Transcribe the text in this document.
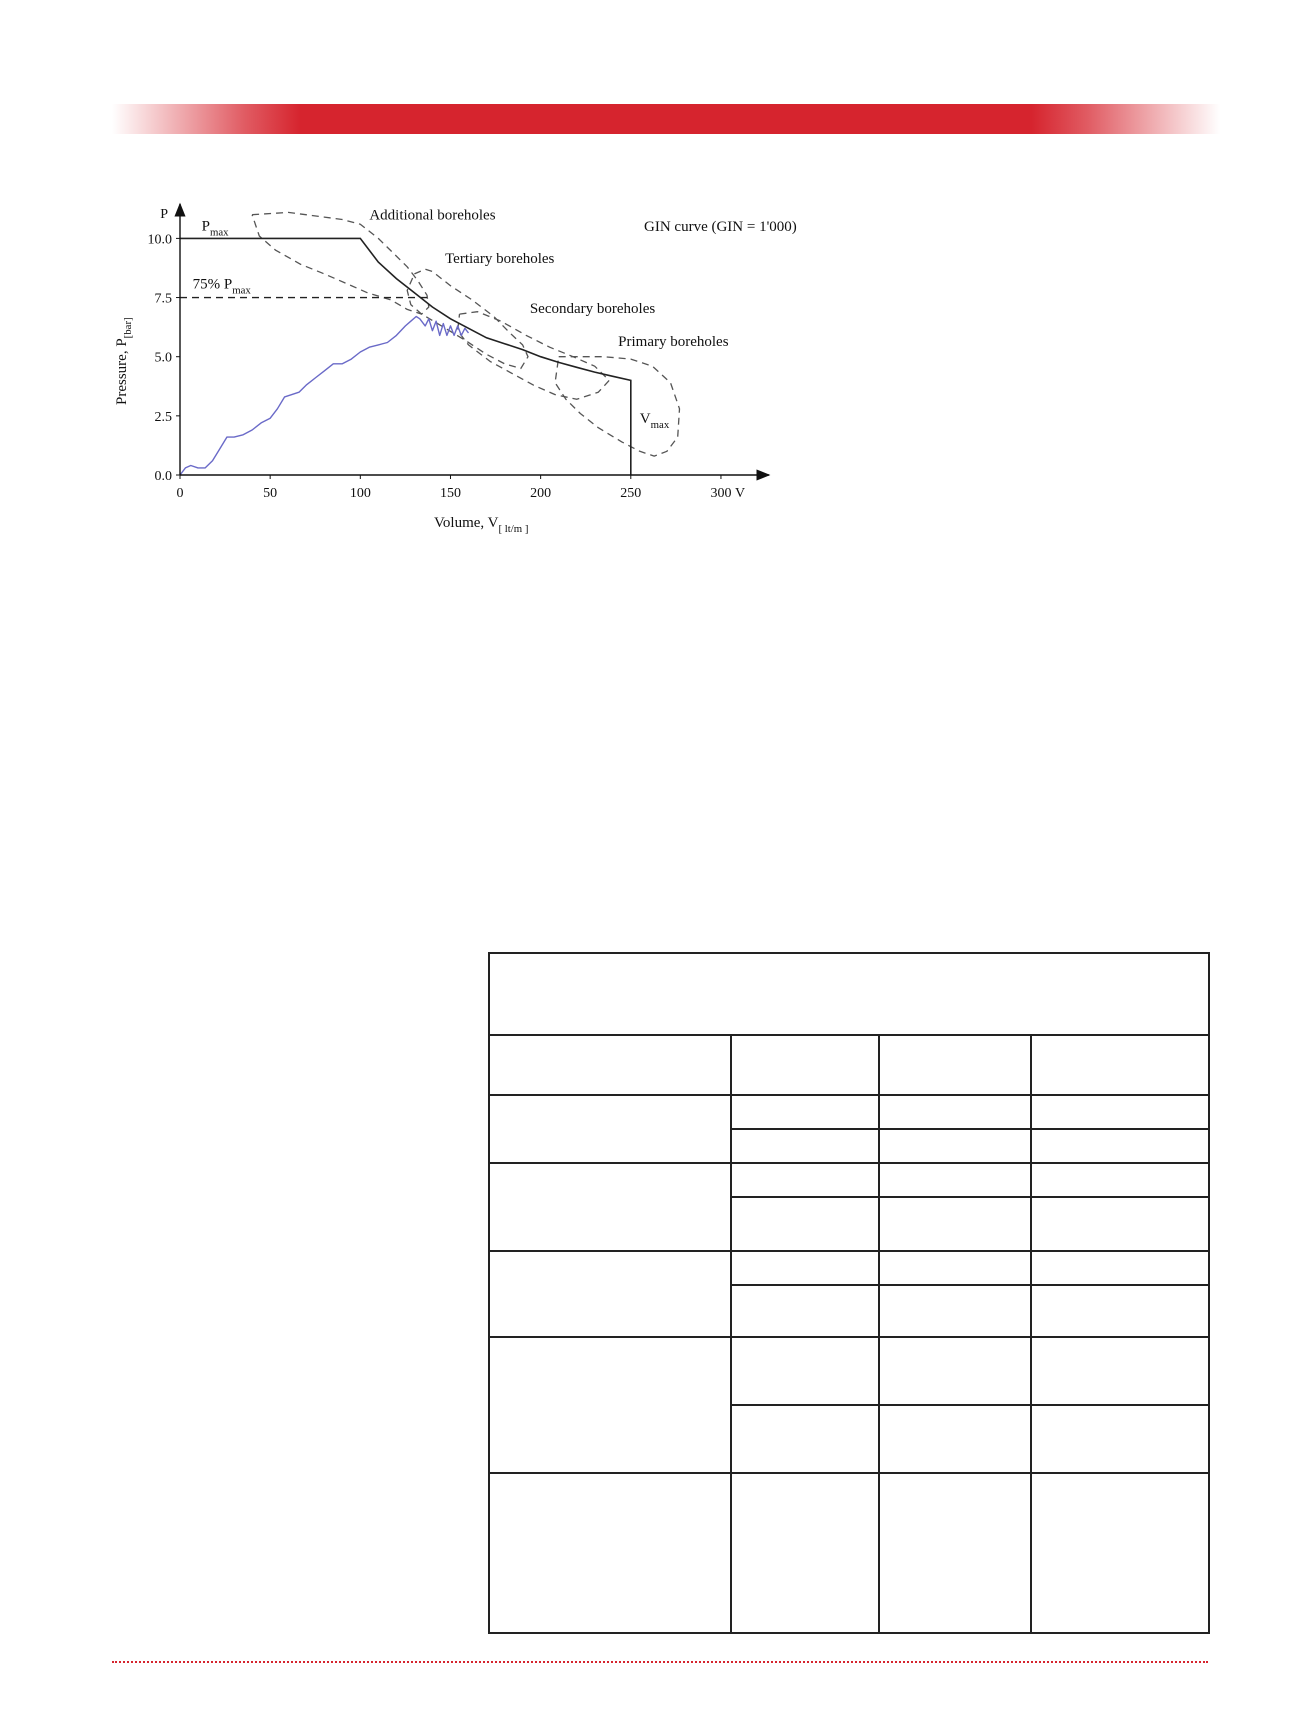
0	50	100	150	200	250	300 V
0.0
2.5
5.0
7.5
10.0
P
Volume, $V_{[ lt/m ]}$
Pressure, $P_{[bar]}$
GIN curve (GIN = 1'000)
Additional boreholes
Tertiary boreholes
Secondary boreholes
Primary boreholes
$P_{max}$
75% $P_{max}$
$V_{max}$
